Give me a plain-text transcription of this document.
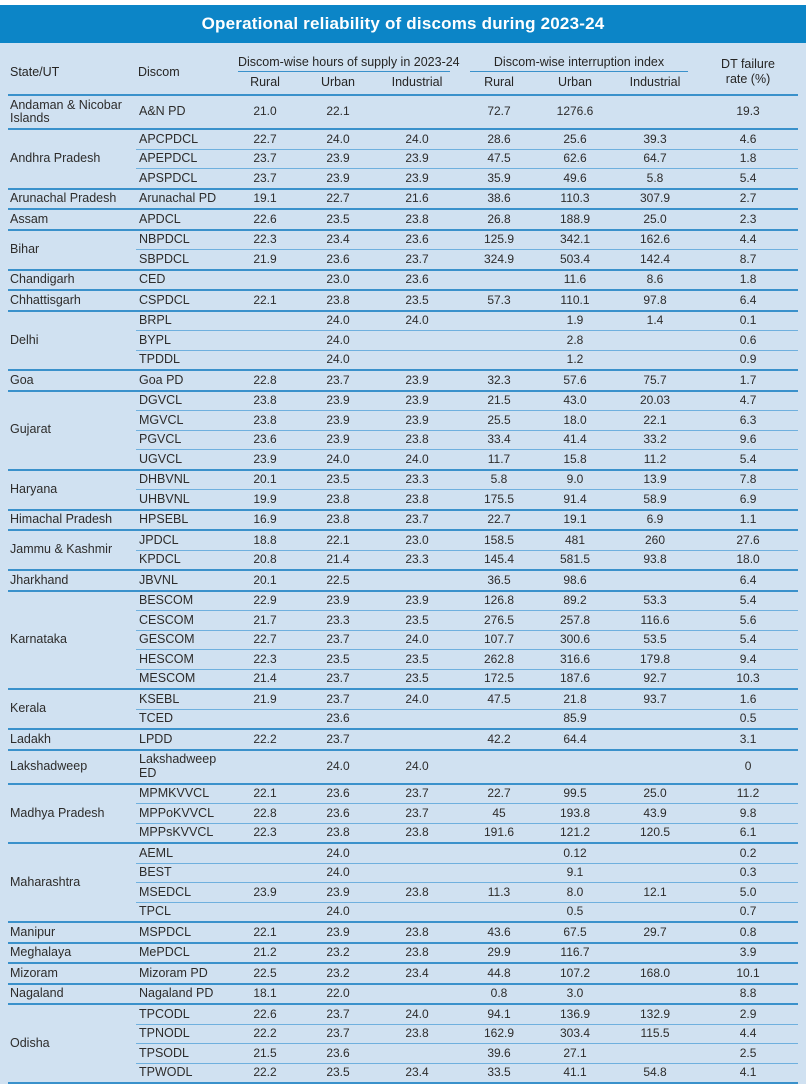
Operational reliability of discoms during 2023-24
State/UT	Discom	Discom-wise hours of supply in 2023-24			Discom-wise interruption index			DT failure
rate (%)

		Rural	Urban	Industrial	Rural	Urban	Industrial	
Andaman & Nicobar Islands	A&N PD	21.0	22.1		72.7	1276.6		19.3
Andhra Pradesh	APCPDCL	22.7	24.0	24.0	28.6	25.6	39.3	4.6
	APEPDCL	23.7	23.9	23.9	47.5	62.6	64.7	1.8
	APSPDCL	23.7	23.9	23.9	35.9	49.6	5.8	5.4
Arunachal Pradesh	Arunachal PD	19.1	22.7	21.6	38.6	110.3	307.9	2.7
Assam	APDCL	22.6	23.5	23.8	26.8	188.9	25.0	2.3
Bihar	NBPDCL	22.3	23.4	23.6	125.9	342.1	162.6	4.4
	SBPDCL	21.9	23.6	23.7	324.9	503.4	142.4	8.7
Chandigarh	CED		23.0	23.6		11.6	8.6	1.8
Chhattisgarh	CSPDCL	22.1	23.8	23.5	57.3	110.1	97.8	6.4
Delhi	BRPL		24.0	24.0		1.9	1.4	0.1
	BYPL		24.0			2.8		0.6
	TPDDL		24.0			1.2		0.9
Goa	Goa PD	22.8	23.7	23.9	32.3	57.6	75.7	1.7
Gujarat	DGVCL	23.8	23.9	23.9	21.5	43.0	20.03	4.7
	MGVCL	23.8	23.9	23.9	25.5	18.0	22.1	6.3
	PGVCL	23.6	23.9	23.8	33.4	41.4	33.2	9.6
	UGVCL	23.9	24.0	24.0	11.7	15.8	11.2	5.4
Haryana	DHBVNL	20.1	23.5	23.3	5.8	9.0	13.9	7.8
	UHBVNL	19.9	23.8	23.8	175.5	91.4	58.9	6.9
Himachal Pradesh	HPSEBL	16.9	23.8	23.7	22.7	19.1	6.9	1.1
Jammu & Kashmir	JPDCL	18.8	22.1	23.0	158.5	481	260	27.6
	KPDCL	20.8	21.4	23.3	145.4	581.5	93.8	18.0
Jharkhand	JBVNL	20.1	22.5		36.5	98.6		6.4
Karnataka	BESCOM	22.9	23.9	23.9	126.8	89.2	53.3	5.4
	CESCOM	21.7	23.3	23.5	276.5	257.8	116.6	5.6
	GESCOM	22.7	23.7	24.0	107.7	300.6	53.5	5.4
	HESCOM	22.3	23.5	23.5	262.8	316.6	179.8	9.4
	MESCOM	21.4	23.7	23.5	172.5	187.6	92.7	10.3
Kerala	KSEBL	21.9	23.7	24.0	47.5	21.8	93.7	1.6
	TCED		23.6			85.9		0.5
Ladakh	LPDD	22.2	23.7		42.2	64.4		3.1
Lakshadweep	Lakshadweep ED		24.0	24.0				0
Madhya Pradesh	MPMKVVCL	22.1	23.6	23.7	22.7	99.5	25.0	11.2
	MPPoKVVCL	22.8	23.6	23.7	45	193.8	43.9	9.8
	MPPsKVVCL	22.3	23.8	23.8	191.6	121.2	120.5	6.1
Maharashtra	AEML		24.0			0.12		0.2
	BEST		24.0			9.1		0.3
	MSEDCL	23.9	23.9	23.8	11.3	8.0	12.1	5.0
	TPCL		24.0			0.5		0.7
Manipur	MSPDCL	22.1	23.9	23.8	43.6	67.5	29.7	0.8
Meghalaya	MePDCL	21.2	23.2	23.8	29.9	116.7		3.9
Mizoram	Mizoram PD	22.5	23.2	23.4	44.8	107.2	168.0	10.1
Nagaland	Nagaland PD	18.1	22.0		0.8	3.0		8.8
Odisha	TPCODL	22.6	23.7	24.0	94.1	136.9	132.9	2.9
	TPNODL	22.2	23.7	23.8	162.9	303.4	115.5	4.4
	TPSODL	21.5	23.6		39.6	27.1		2.5
	TPWODL	22.2	23.5	23.4	33.5	41.1	54.8	4.1
